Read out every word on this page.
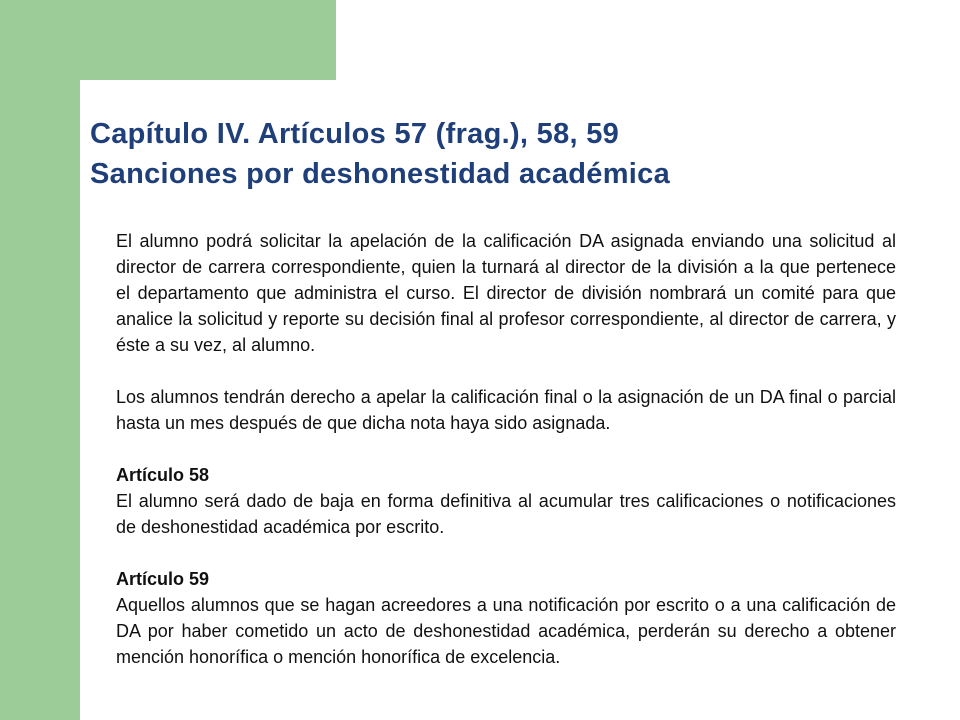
Capítulo IV. Artículos 57 (frag.), 58, 59
Sanciones por deshonestidad académica

El alumno podrá solicitar la apelación de la calificación DA asignada enviando una solicitud al director de carrera correspondiente, quien la turnará al director de la división a la que pertenece el departamento que administra el curso. El director de división nombrará un comité para que analice la solicitud y reporte su decisión final al profesor correspondiente, al director de carrera, y éste a su vez, al alumno.

Los alumnos tendrán derecho a apelar la calificación final o la asignación de un DA final o parcial hasta un mes después de que dicha nota haya sido asignada.

Artículo 58

El alumno será dado de baja en forma definitiva al acumular tres calificaciones o notificaciones de deshonestidad académica por escrito.

Artículo 59

Aquellos alumnos que se hagan acreedores a una notificación por escrito o a una calificación de DA por haber cometido un acto de deshonestidad académica, perderán su derecho a obtener mención honorífica o mención honorífica de excelencia.
